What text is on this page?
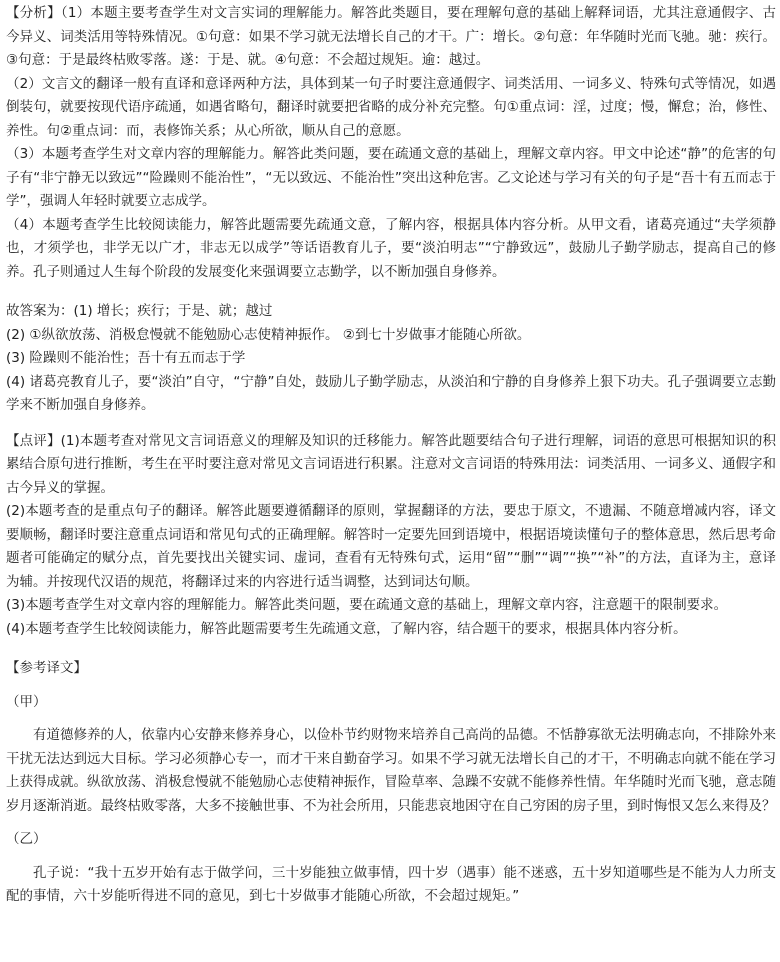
【分析】（1）本题主要考查学生对文言实词的理解能力。解答此类题目，要在理解句意的基础上解释词语，尤其注意通假字、古今异义、词类活用等特殊情况。①句意：如果不学习就无法增长自己的才干。广：增长。②句意：年华随时光而飞驰。驰：疾行。③句意：于是最终枯败零落。遂：于是、就。④句意：不会超过规矩。逾：越过。

（2）文言文的翻译一般有直译和意译两种方法，具体到某一句子时要注意通假字、词类活用、一词多义、特殊句式等情况，如遇倒装句，就要按现代语序疏通，如遇省略句，翻译时就要把省略的成分补充完整。句①重点词：淫，过度；慢，懈怠；治，修性、养性。句②重点词：而，表修饰关系；从心所欲，顺从自己的意愿。

（3）本题考查学生对文章内容的理解能力。解答此类问题，要在疏通文意的基础上，理解文章内容。甲文中论述“静”的危害的句子有“非宁静无以致远”“险躁则不能治性”，“无以致远、不能治性”突出这种危害。乙文论述与学习有关的句子是“吾十有五而志于学”，强调人年轻时就要立志成学。

（4）本题考查学生比较阅读能力，解答此题需要先疏通文意，了解内容，根据具体内容分析。从甲文看，诸葛亮通过“夫学须静也，才须学也，非学无以广才，非志无以成学”等话语教育儿子，要“淡泊明志”“宁静致远”，鼓励儿子勤学励志，提高自己的修养。孔子则通过人生每个阶段的发展变化来强调要立志勤学，以不断加强自身修养。

故答案为：(1) 增长；疾行；于是、就；越过

(2) ①纵欲放荡、消极怠慢就不能勉励心志使精神振作。 ②到七十岁做事才能随心所欲。

(3) 险躁则不能治性；吾十有五而志于学

(4) 诸葛亮教育儿子，要“淡泊”自守，“宁静”自处，鼓励儿子勤学励志，从淡泊和宁静的自身修养上狠下功夫。孔子强调要立志勤学来不断加强自身修养。

【点评】(1)本题考查对常见文言词语意义的理解及知识的迁移能力。解答此题要结合句子进行理解，词语的意思可根据知识的积累结合原句进行推断，考生在平时要注意对常见文言词语进行积累。注意对文言词语的特殊用法：词类活用、一词多义、通假字和古今异义的掌握。

(2)本题考查的是重点句子的翻译。解答此题要遵循翻译的原则，掌握翻译的方法，要忠于原文，不遗漏、不随意增减内容，译文要顺畅，翻译时要注意重点词语和常见句式的正确理解。解答时一定要先回到语境中，根据语境读懂句子的整体意思，然后思考命题者可能确定的赋分点，首先要找出关键实词、虚词，查看有无特殊句式，运用“留”“删”“调”“换”“补”的方法，直译为主，意译为辅。并按现代汉语的规范，将翻译过来的内容进行适当调整，达到词达句顺。

(3)本题考查学生对文章内容的理解能力。解答此类问题，要在疏通文意的基础上，理解文章内容，注意题干的限制要求。

(4)本题考查学生比较阅读能力，解答此题需要考生先疏通文意，了解内容，结合题干的要求，根据具体内容分析。

【参考译文】

（甲）

有道德修养的人，依靠内心安静来修养身心，以俭朴节约财物来培养自己高尚的品德。不恬静寡欲无法明确志向，不排除外来干扰无法达到远大目标。学习必须静心专一，而才干来自勤奋学习。如果不学习就无法增长自己的才干，不明确志向就不能在学习上获得成就。纵欲放荡、消极怠慢就不能勉励心志使精神振作，冒险草率、急躁不安就不能修养性情。年华随时光而飞驰，意志随岁月逐渐消逝。最终枯败零落，大多不接触世事、不为社会所用，只能悲哀地困守在自己穷困的房子里，到时悔恨又怎么来得及？

（乙）

孔子说：“我十五岁开始有志于做学问，三十岁能独立做事情，四十岁（遇事）能不迷惑，五十岁知道哪些是不能为人力所支配的事情，六十岁能听得进不同的意见，到七十岁做事才能随心所欲，不会超过规矩。”
